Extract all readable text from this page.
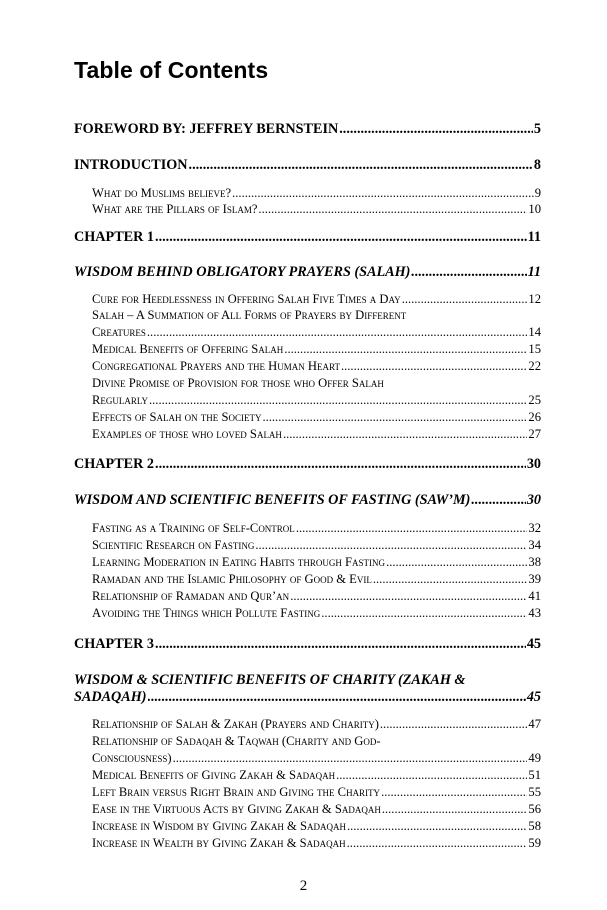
Table of Contents
FOREWORD BY: JEFFREY BERNSTEIN .....	5
INTRODUCTION .....	8
What do Muslims believe? .....	9
What are the Pillars of Islam? .....	10
CHAPTER 1 .....	11
WISDOM BEHIND OBLIGATORY PRAYERS (SALAH) .....	11
Cure for Heedlessness in Offering Salah Five Times a Day .....	12
Salah – A Summation of All Forms of Prayers by Different
Creatures .....	14
Medical Benefits of Offering Salah .....	15
Congregational Prayers and the Human Heart .....	22
Divine Promise of Provision for those who Offer Salah
Regularly .....	25
Effects of Salah on the Society .....	26
Examples of those who loved Salah .....	27
CHAPTER 2 .....	30
WISDOM AND SCIENTIFIC BENEFITS OF FASTING (SAW’M) .....	30
Fasting as a Training of Self-Control .....	32
Scientific Research on Fasting .....	34
Learning Moderation in Eating Habits through Fasting .....	38
Ramadan and the Islamic Philosophy of Good & Evil .....	39
Relationship of Ramadan and Qur’an .....	41
Avoiding the Things which Pollute Fasting .....	43
CHAPTER 3 .....	45
WISDOM & SCIENTIFIC BENEFITS OF CHARITY (ZAKAH &
SADAQAH) .....	45
Relationship of Salah & Zakah (Prayers and Charity) .....	47
Relationship of Sadaqah & Taqwah (Charity and God-
Consciousness) .....	49
Medical Benefits of Giving Zakah & Sadaqah .....	51
Left Brain versus Right Brain and Giving the Charity .....	55
Ease in the Virtuous Acts by Giving Zakah & Sadaqah .....	56
Increase in Wisdom by Giving Zakah & Sadaqah .....	58
Increase in Wealth by Giving Zakah & Sadaqah .....	59
2
